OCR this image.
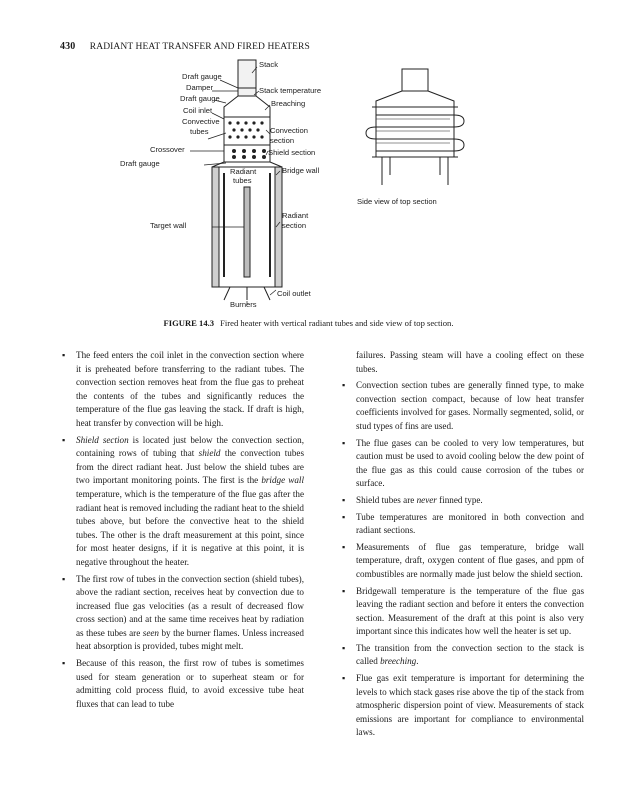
430 RADIANT HEAT TRANSFER AND FIRED HEATERS
Stack
Draft gauge
Damper	Stack temperature
Draft gauge
Breaching
Coil inlet
Convective
tubes	Convection
section
Crossover	Shield section
Draft gauge
Radiant
tubes
Bridge wall
Radiant
section
Target wall
Coil outlet
Burners
Side view of top section
FIGURE 14.3 Fired heater with vertical radiant tubes and side view of top section.
▪ The feed enters the coil inlet in the convection section where it is preheated before transferring to the radiant tubes. The convection section removes heat from the flue gas to preheat the contents of the tubes and significantly reduces the temperature of the flue gas leaving the stack. If draft is high, heat transfer by convection will be high.
▪ Shield section is located just below the convection section, containing rows of tubing that shield the convection tubes from the direct radiant heat. Just below the shield tubes are two important monitoring points. The first is the bridge wall temperature, which is the temperature of the flue gas after the radiant heat is removed including the radiant heat to the shield tubes above, but before the convective heat to the shield tubes. The other is the draft measurement at this point, since for most heater designs, if it is negative at this point, it is negative throughout the heater.
▪ The first row of tubes in the convection section (shield tubes), above the radiant section, receives heat by convection due to increased flue gas velocities (as a result of decreased flow cross section) and at the same time receives heat by radiation as these tubes are seen by the burner flames. Unless increased heat absorption is provided, tubes might melt.
▪ Because of this reason, the first row of tubes is sometimes used for steam generation or to superheat steam or for admitting cold process fluid, to avoid excessive tube heat fluxes that can lead to tube
failures. Passing steam will have a cooling effect on these tubes.
▪ Convection section tubes are generally finned type, to make convection section compact, because of low heat transfer coefficients involved for gases. Normally segmented, solid, or stud types of fins are used.
▪ The flue gases can be cooled to very low temperatures, but caution must be used to avoid cooling below the dew point of the flue gas as this could cause corrosion of the tubes or surface.
▪ Shield tubes are never finned type.
▪ Tube temperatures are monitored in both convection and radiant sections.
▪ Measurements of flue gas temperature, bridge wall temperature, draft, oxygen content of flue gases, and ppm of combustibles are normally made just below the shield section.
▪ Bridgewall temperature is the temperature of the flue gas leaving the radiant section and before it enters the convection section. Measurement of the draft at this point is also very important since this indicates how well the heater is set up.
▪ The transition from the convection section to the stack is called breeching.
▪ Flue gas exit temperature is important for determining the levels to which stack gases rise above the tip of the stack from atmospheric dispersion point of view. Measurements of stack emissions are important for compliance to environmental laws.
